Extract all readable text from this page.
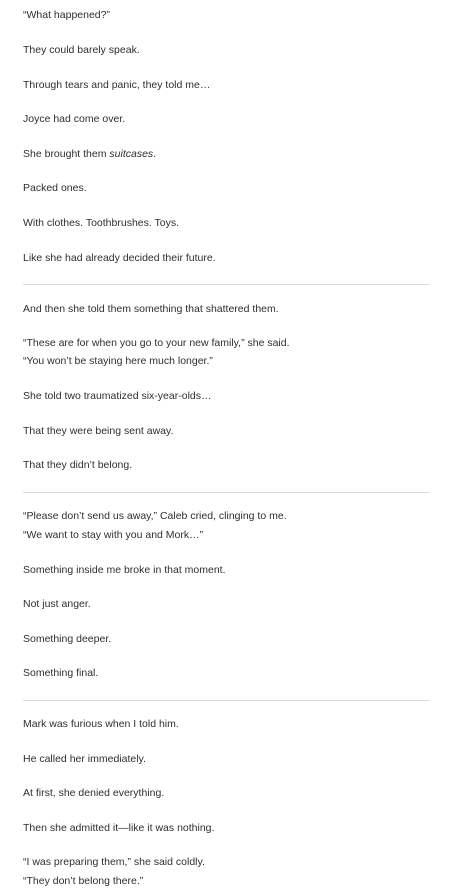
“What happened?”

They could barely speak.

Through tears and panic, they told me…

Joyce had come over.

She brought them suitcases.

Packed ones.

With clothes. Toothbrushes. Toys.

Like she had already decided their future.

And then she told them something that shattered them.

“These are for when you go to your new family,” she said.

“You won’t be staying here much longer.”

She told two traumatized six-year-olds…

That they were being sent away.

That they didn’t belong.

“Please don’t send us away,” Caleb cried, clinging to me.

“We want to stay with you and Mork…”

Something inside me broke in that moment.

Not just anger.

Something deeper.

Something final.

Mark was furious when I told him.

He called her immediately.

At first, she denied everything.

Then she admitted it—like it was nothing.

“I was preparing them,” she said coldly.

“They don’t belong there.”
